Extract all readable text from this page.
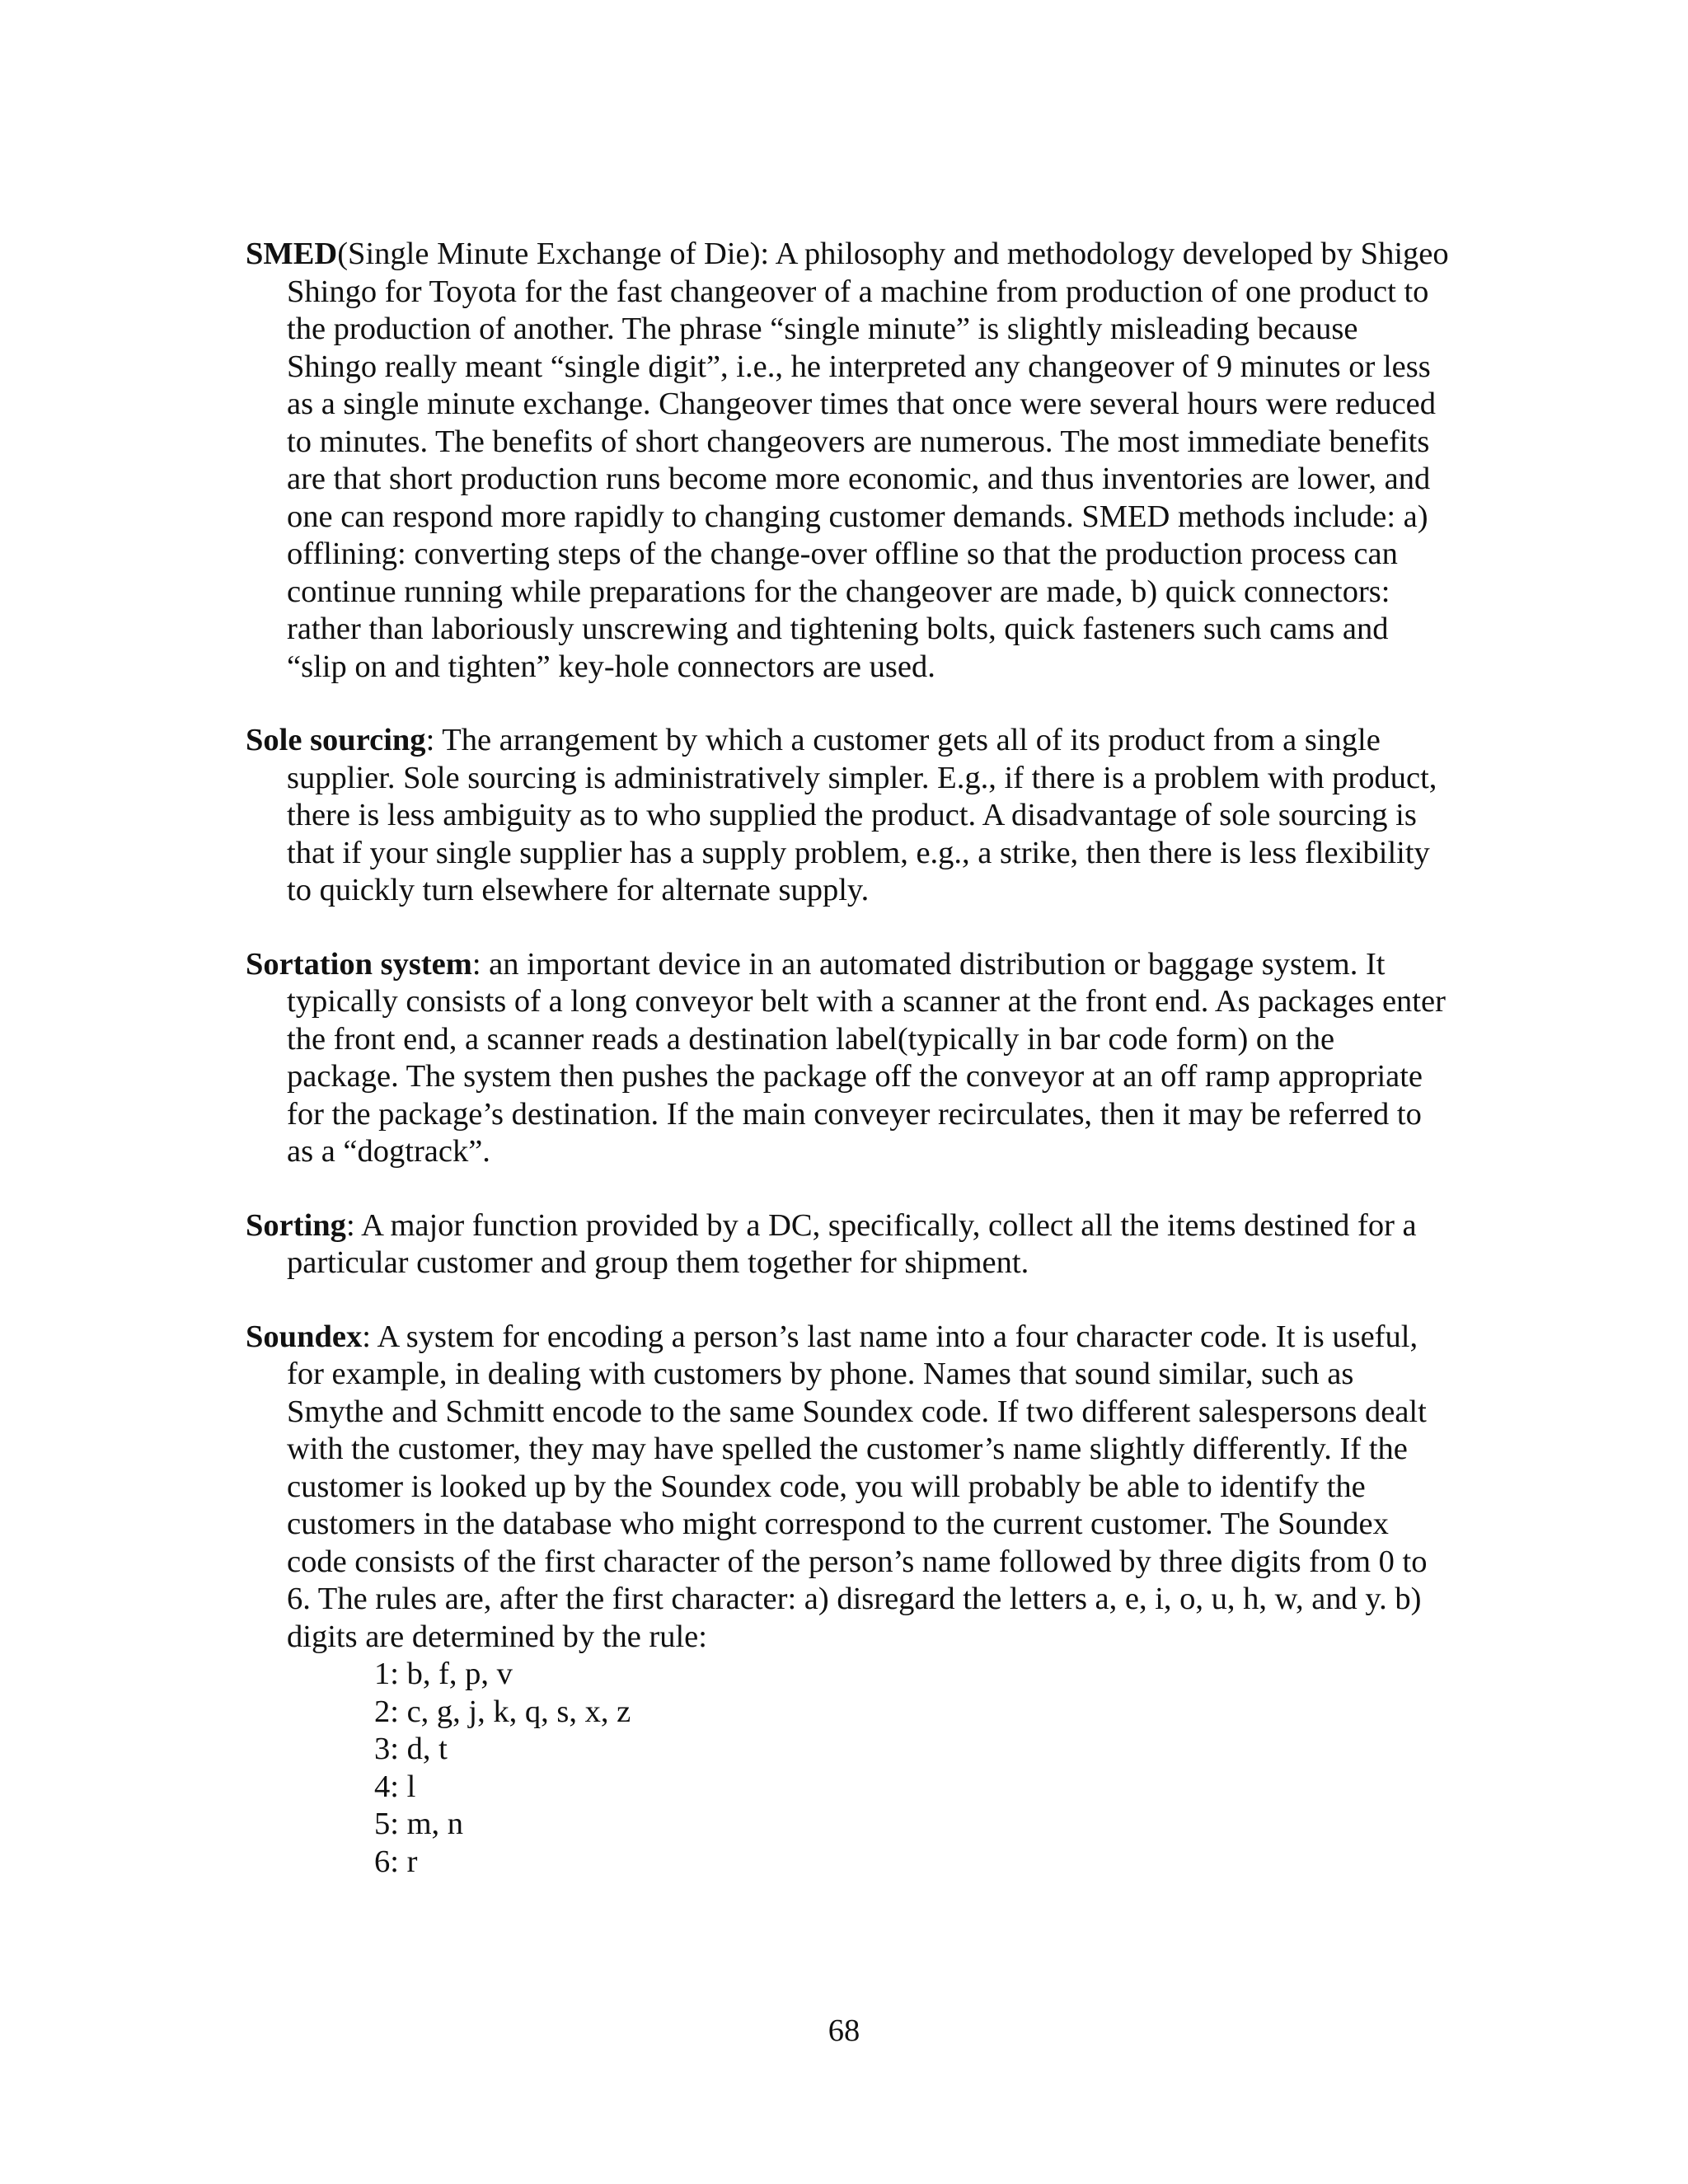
SMED(Single Minute Exchange of Die): A philosophy and methodology developed by Shigeo Shingo for Toyota for the fast changeover of a machine from production of one product to the production of another. The phrase “single minute” is slightly misleading because Shingo really meant “single digit”, i.e., he interpreted any changeover of 9 minutes or less as a single minute exchange. Changeover times that once were several hours were reduced to minutes. The benefits of short changeovers are numerous. The most immediate benefits are that short production runs become more economic, and thus inventories are lower, and one can respond more rapidly to changing customer demands. SMED methods include: a) offlining: converting steps of the change-over offline so that the production process can continue running while preparations for the changeover are made, b) quick connectors: rather than laboriously unscrewing and tightening bolts, quick fasteners such cams and “slip on and tighten” key-hole connectors are used.

Sole sourcing: The arrangement by which a customer gets all of its product from a single supplier. Sole sourcing is administratively simpler. E.g., if there is a problem with product, there is less ambiguity as to who supplied the product. A disadvantage of sole sourcing is that if your single supplier has a supply problem, e.g., a strike, then there is less flexibility to quickly turn elsewhere for alternate supply.

Sortation system: an important device in an automated distribution or baggage system. It typically consists of a long conveyor belt with a scanner at the front end. As packages enter the front end, a scanner reads a destination label(typically in bar code form) on the package. The system then pushes the package off the conveyor at an off ramp appropriate for the package’s destination. If the main conveyer recirculates, then it may be referred to as a “dogtrack”.

Sorting: A major function provided by a DC, specifically, collect all the items destined for a particular customer and group them together for shipment.

Soundex: A system for encoding a person’s last name into a four character code. It is useful, for example, in dealing with customers by phone. Names that sound similar, such as Smythe and Schmitt encode to the same Soundex code. If two different salespersons dealt with the customer, they may have spelled the customer’s name slightly differently. If the customer is looked up by the Soundex code, you will probably be able to identify the customers in the database who might correspond to the current customer. The Soundex code consists of the first character of the person’s name followed by three digits from 0 to 6. The rules are, after the first character: a) disregard the letters a, e, i, o, u, h, w, and y. b) digits are determined by the rule:
1: b, f, p, v
2: c, g, j, k, q, s, x, z
3: d, t
4: l
5: m, n
6: r
68
